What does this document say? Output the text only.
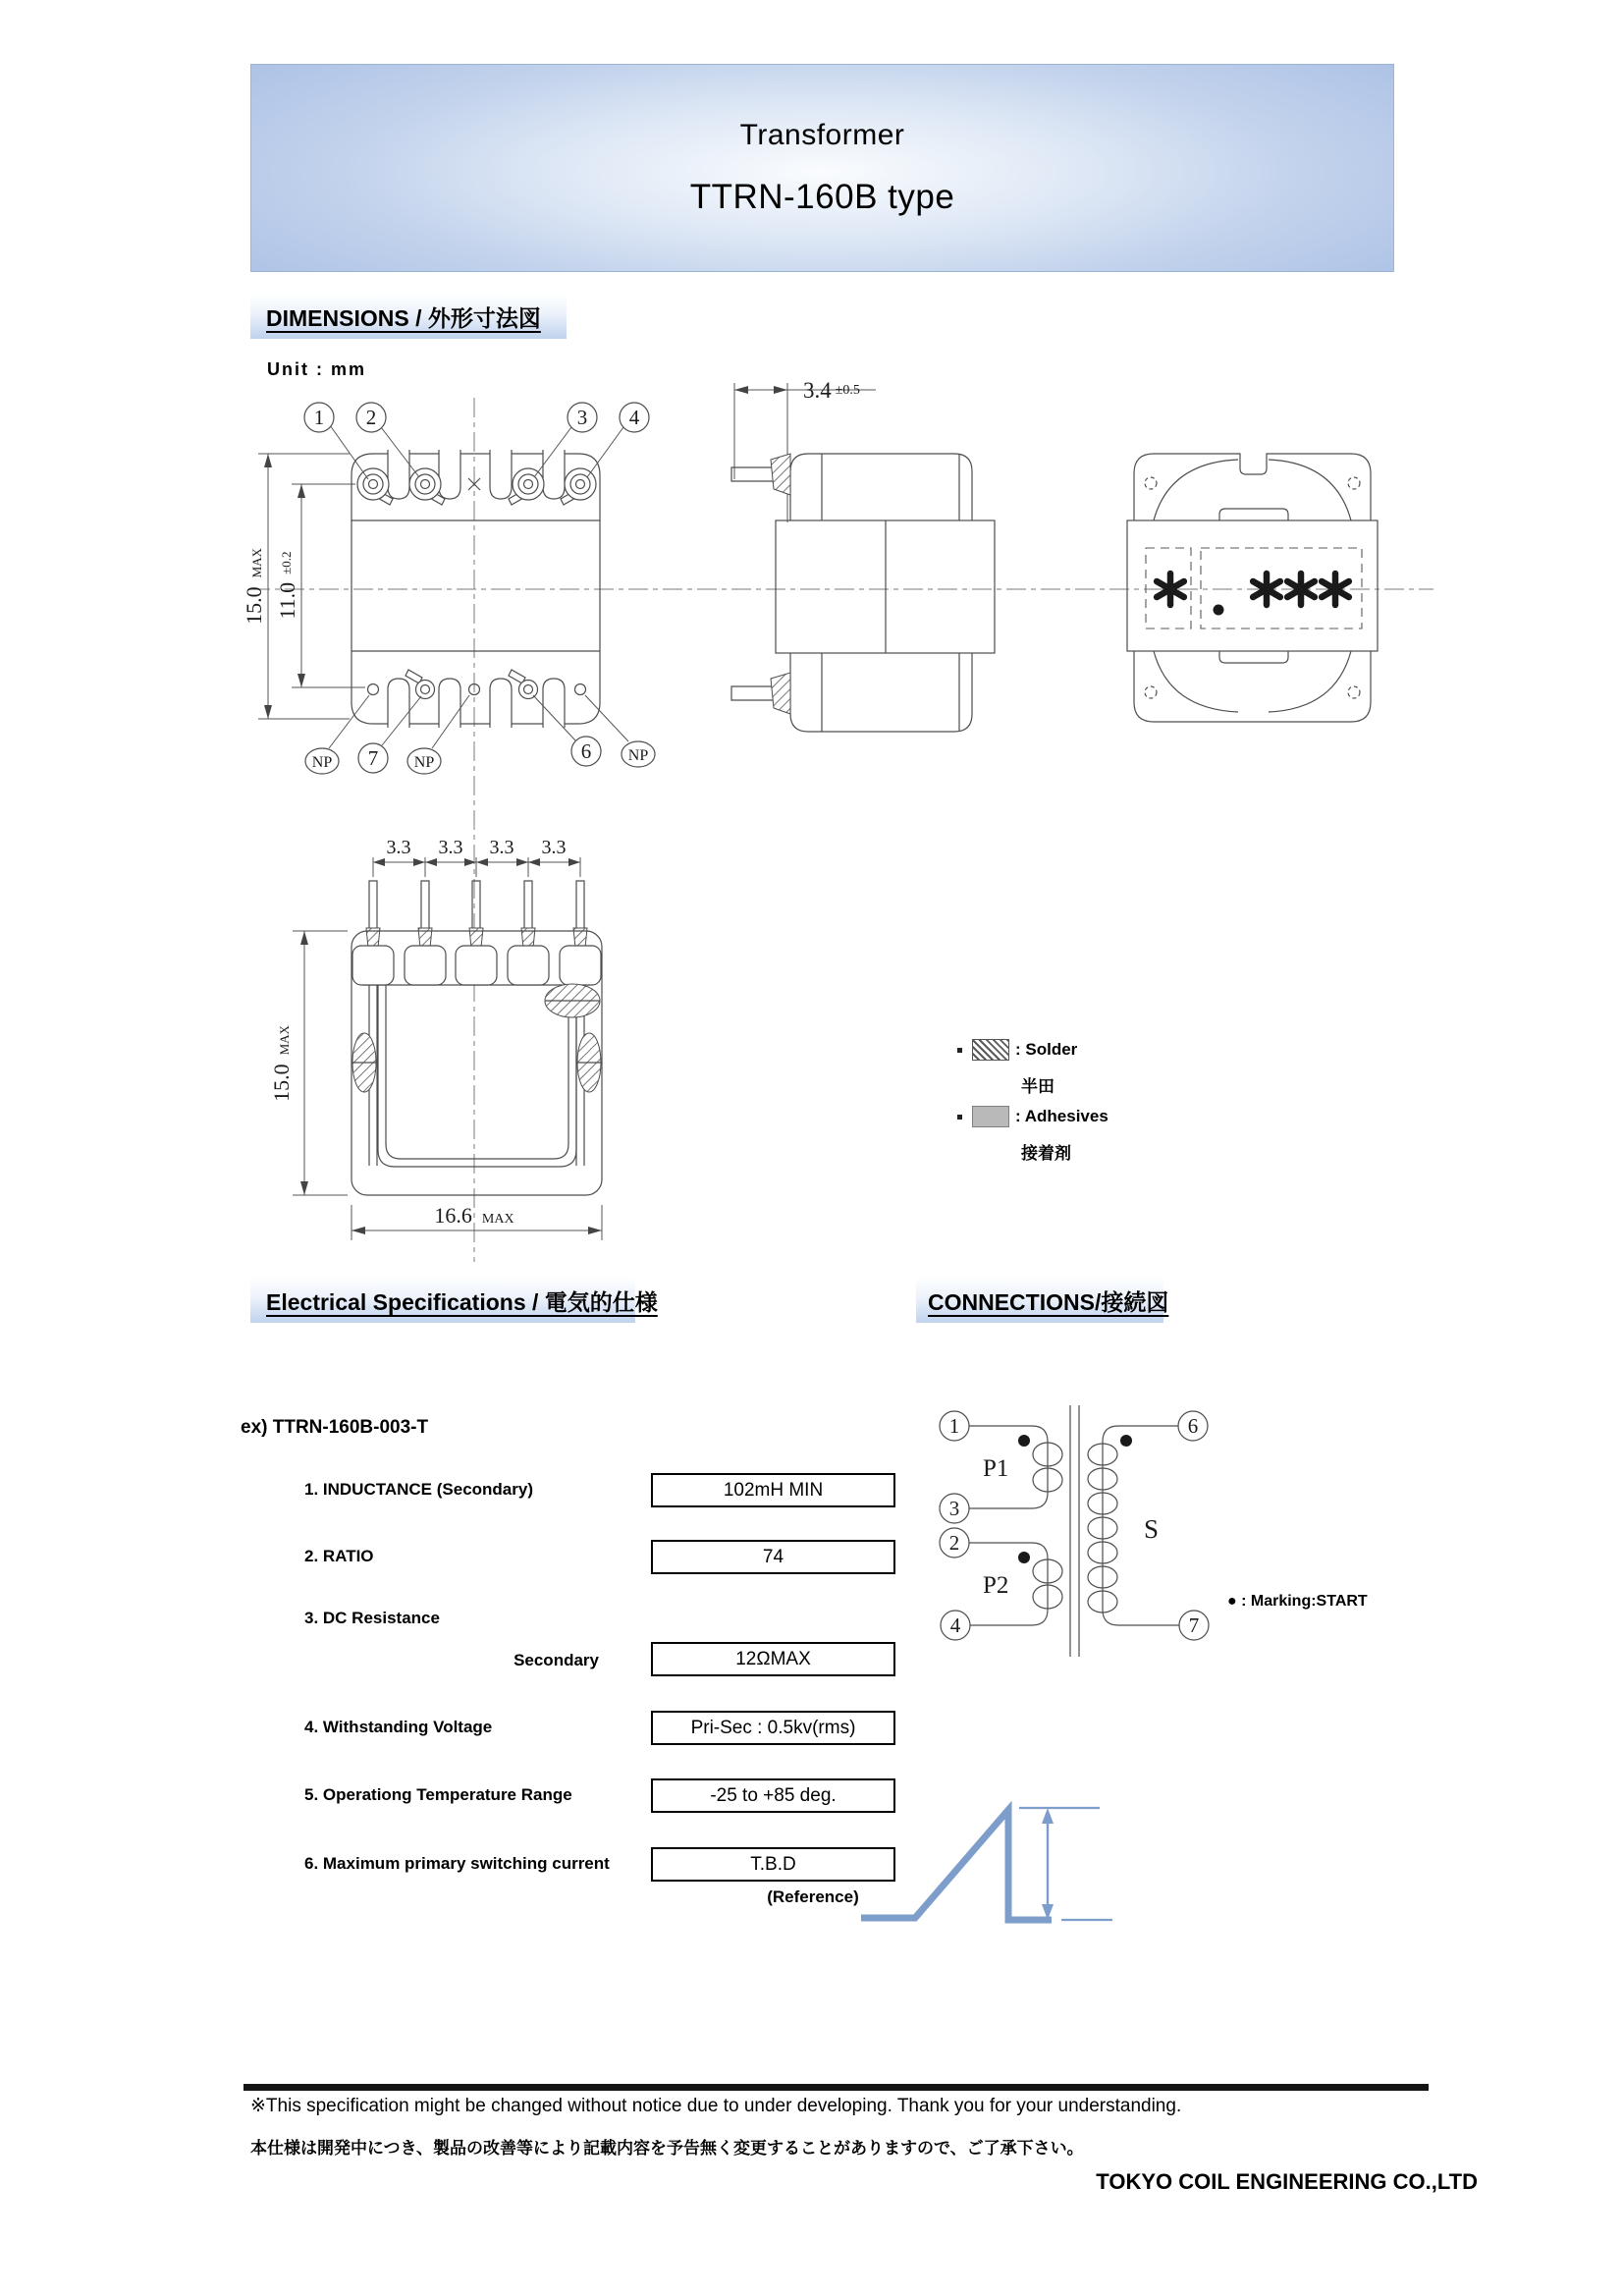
Transformer
TTRN-160B type
DIMENSIONS / 外形寸法図
Unit : mm
1 2	3 4
NP 7 NP	6 NP
15.0 MAX
11.0 $^{\pm 0.2}$
3.4 ±0.5
3.3 3.3 3.3 3.3
15.0 MAX
16.6 MAX
: Solder
半田
: Adhesives
接着剤
Electrical Specifications / 電気的仕様	CONNECTIONS/接続図
ex) TTRN-160B-003-T
1. INDUCTANCE (Secondary)	102mH MIN
2. RATIO	74
3. DC Resistance
Secondary	12ΩMAX
4. Withstanding Voltage	Pri-Sec : 0.5kv(rms)
5. Operationg Temperature Range	-25 to +85 deg.
6. Maximum primary switching current	T.B.D
(Reference)
1
3
2
4
6
7
P1
P2
S
● : Marking:START
※This specification might be changed without notice due to under developing. Thank you for your understanding.
本仕様は開発中につき、製品の改善等により記載内容を予告無く変更することがありますので、ご了承下さい。
TOKYO COIL ENGINEERING CO.,LTD
